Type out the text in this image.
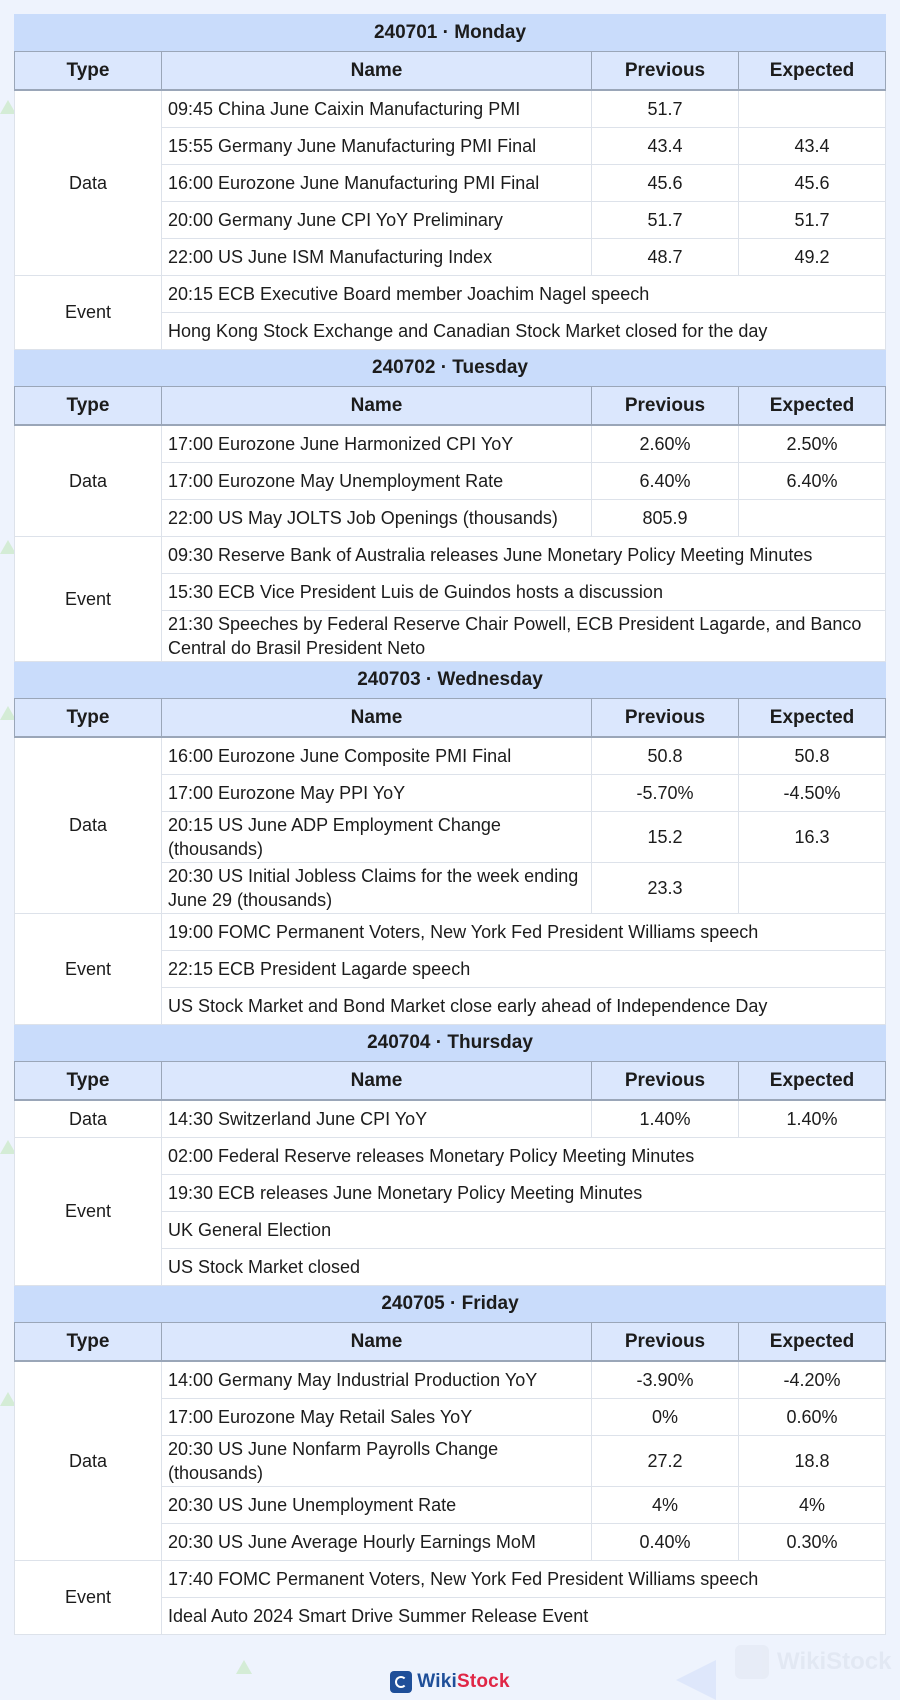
240701 · Monday			
Type	Name	Previous	Expected
Data	09:45 China June Caixin Manufacturing PMI	51.7	
	15:55 Germany June Manufacturing PMI Final	43.4	43.4
	16:00 Eurozone June Manufacturing PMI Final	45.6	45.6
	20:00 Germany June CPI YoY Preliminary	51.7	51.7
	22:00 US June ISM Manufacturing Index	48.7	49.2
Event	20:15 ECB Executive Board member Joachim Nagel speech		
	Hong Kong Stock Exchange and Canadian Stock Market closed for the day		
240702 · Tuesday			
Type	Name	Previous	Expected
Data	17:00 Eurozone June Harmonized CPI YoY	2.60%	2.50%
	17:00 Eurozone May Unemployment Rate	6.40%	6.40%
	22:00 US May JOLTS Job Openings (thousands)	805.9	
Event	09:30 Reserve Bank of Australia releases June Monetary Policy Meeting Minutes		
	15:30 ECB Vice President Luis de Guindos hosts a discussion		
	21:30 Speeches by Federal Reserve Chair Powell, ECB President Lagarde, and Banco Central do Brasil President Neto		
240703 · Wednesday			
Type	Name	Previous	Expected
Data	16:00 Eurozone June Composite PMI Final	50.8	50.8
	17:00 Eurozone May PPI YoY	-5.70%	-4.50%
	20:15 US June ADP Employment Change (thousands)	15.2	16.3
	20:30 US Initial Jobless Claims for the week ending June 29 (thousands)	23.3	
Event	19:00 FOMC Permanent Voters, New York Fed President Williams speech		
	22:15 ECB President Lagarde speech		
	US Stock Market and Bond Market close early ahead of Independence Day		
240704 · Thursday			
Type	Name	Previous	Expected
Data	14:30 Switzerland June CPI YoY	1.40%	1.40%
Event	02:00 Federal Reserve releases Monetary Policy Meeting Minutes		
	19:30 ECB releases June Monetary Policy Meeting Minutes		
	UK General Election		
	US Stock Market closed		
240705 · Friday			
Type	Name	Previous	Expected
Data	14:00 Germany May Industrial Production YoY	-3.90%	-4.20%
	17:00 Eurozone May Retail Sales YoY	0%	0.60%
	20:30 US June Nonfarm Payrolls Change (thousands)	27.2	18.8
	20:30 US June Unemployment Rate	4%	4%
	20:30 US June Average Hourly Earnings MoM	0.40%	0.30%
Event	17:40 FOMC Permanent Voters, New York Fed President Williams speech		
	Ideal Auto 2024 Smart Drive Summer Release Event		
WikiStock
WikiStock
